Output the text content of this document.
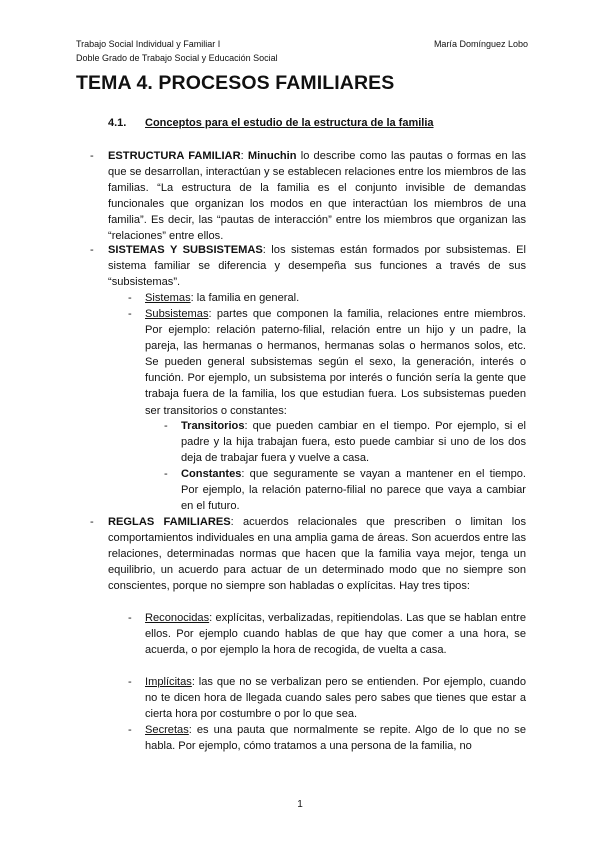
Trabajo Social Individual y Familiar I	María Domínguez Lobo
Doble Grado de Trabajo Social y Educación Social
TEMA 4. PROCESOS FAMILIARES
4.1. Conceptos para el estudio de la estructura de la familia
- ESTRUCTURA FAMILIAR: Minuchin lo describe como las pautas o formas en las que se desarrollan, interactúan y se establecen relaciones entre los miembros de las familias. “La estructura de la familia es el conjunto invisible de demandas funcionales que organizan los modos en que interactúan los miembros de una familia”. Es decir, las “pautas de interacción” entre los miembros que organizan las “relaciones” entre ellos.
- SISTEMAS Y SUBSISTEMAS: los sistemas están formados por subsistemas. El sistema familiar se diferencia y desempeña sus funciones a través de sus “subsistemas”.
- Sistemas: la familia en general.
- Subsistemas: partes que componen la familia, relaciones entre miembros. Por ejemplo: relación paterno-filial, relación entre un hijo y un padre, la pareja, las hermanas o hermanos, hermanas solas o hermanos solos, etc. Se pueden general subsistemas según el sexo, la generación, interés o función. Por ejemplo, un subsistema por interés o función sería la gente que trabaja fuera de la familia, los que estudian fuera. Los subsistemas pueden ser transitorios o constantes:
- Transitorios: que pueden cambiar en el tiempo. Por ejemplo, si el padre y la hija trabajan fuera, esto puede cambiar si uno de los dos deja de trabajar fuera y vuelve a casa.
- Constantes: que seguramente se vayan a mantener en el tiempo. Por ejemplo, la relación paterno-filial no parece que vaya a cambiar en el futuro.
- REGLAS FAMILIARES: acuerdos relacionales que prescriben o limitan los comportamientos individuales en una amplia gama de áreas. Son acuerdos entre las relaciones, determinadas normas que hacen que la familia vaya mejor, tenga un equilibrio, un acuerdo para actuar de un determinado modo que no siempre son conscientes, porque no siempre son habladas o explícitas. Hay tres tipos:
- Reconocidas: explícitas, verbalizadas, repitiendolas. Las que se hablan entre ellos. Por ejemplo cuando hablas de que hay que comer a una hora, se acuerda, o por ejemplo la hora de recogida, de vuelta a casa.
- Implícitas: las que no se verbalizan pero se entienden. Por ejemplo, cuando no te dicen hora de llegada cuando sales pero sabes que tienes que estar a cierta hora por costumbre o por lo que sea.
- Secretas: es una pauta que normalmente se repite. Algo de lo que no se habla. Por ejemplo, cómo tratamos a una persona de la familia, no
1
